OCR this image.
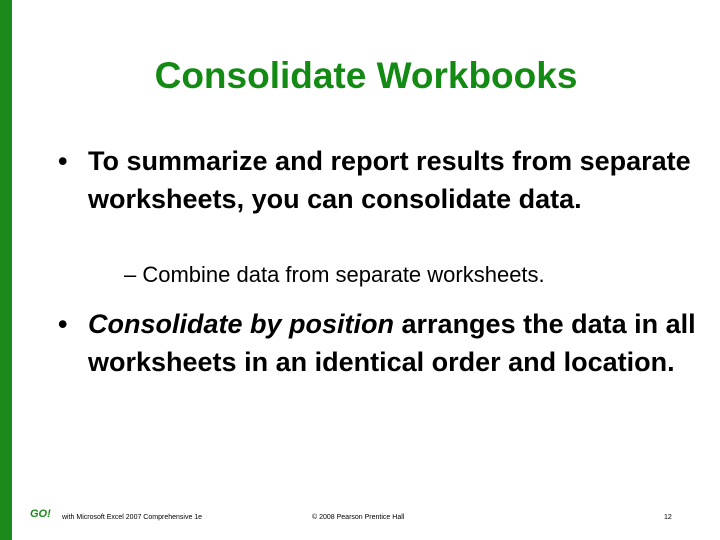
Consolidate Workbooks
• To summarize and report results from separate worksheets, you can consolidate data.
– Combine data from separate worksheets.
• Consolidate by position arranges the data in all worksheets in an identical order and location.
GO!	with Microsoft Excel 2007 Comprehensive 1e	© 2008 Pearson Prentice Hall	12
